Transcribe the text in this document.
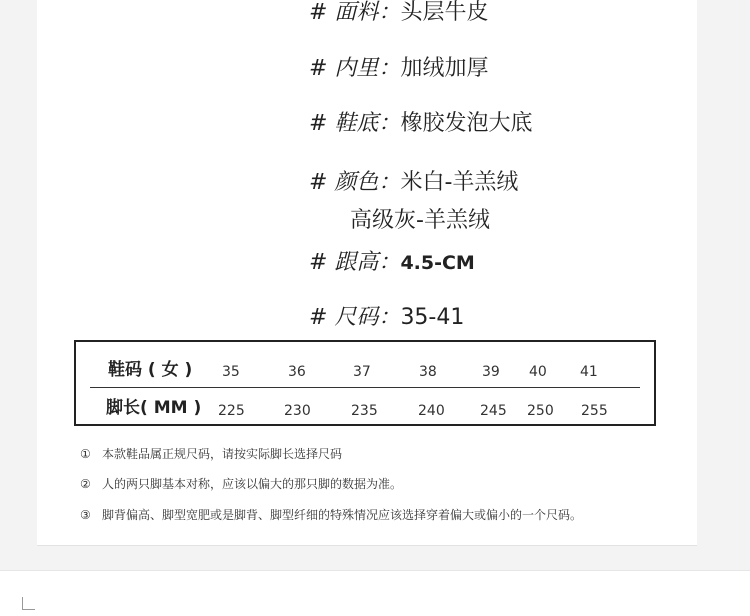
# 面料：头层牛皮
# 内里：加绒加厚
# 鞋底：橡胶发泡大底
# 颜色：米白-羊羔绒
高级灰-羊羔绒
# 跟高：4.5-CM
# 尺码：35-41
鞋码 ( 女 ) 35	36	37	38	39 40 41
脚长( MM ) 225	230	235	240	245 250 255
① 本款鞋品属正规尺码，请按实际脚长选择尺码
② 人的两只脚基本对称，应该以偏大的那只脚的数据为准。
③ 脚背偏高、脚型宽肥或是脚背、脚型纤细的特殊情况应该选择穿着偏大或偏小的一个尺码。
